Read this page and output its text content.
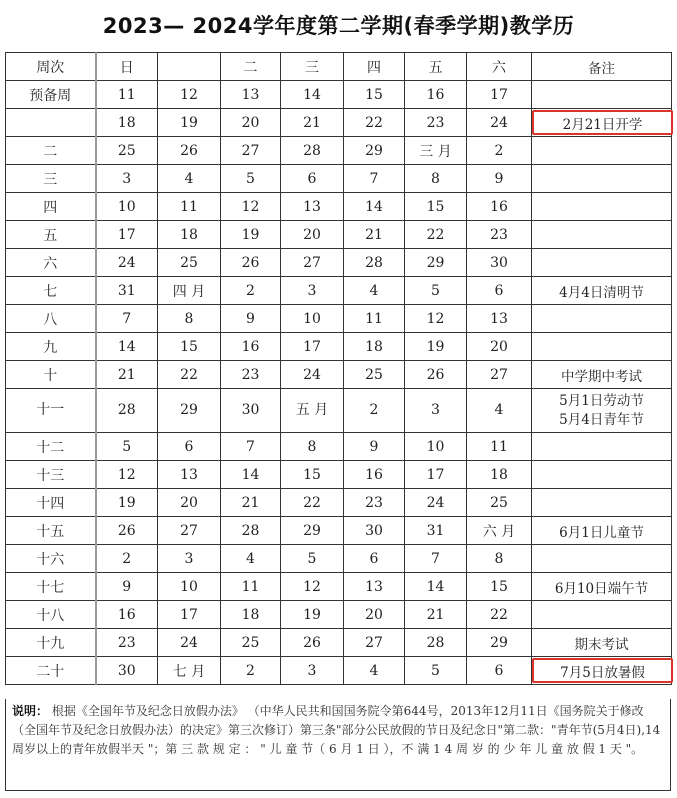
2023— 2024学年度第二学期(春季学期)教学历
周次	日		二	三	四	五	六	备注
预备周	11	12	13	14	15	16	17	
	18	19	20	21	22	23	24	2月21日开学

二	25	26	27	28	29	三 月	2	
三	3	4	5	6	7	8	9	
四	10	11	12	13	14	15	16	
五	17	18	19	20	21	22	23	
六	24	25	26	27	28	29	30	
七	31	四 月	2	3	4	5	6	4月4日清明节
八	7	8	9	10	11	12	13	
九	14	15	16	17	18	19	20	
十	21	22	23	24	25	26	27	中学期中考试
十一	28	29	30	五 月	2	3	4	5月1日劳动节
5月4日青年节

十二	5	6	7	8	9	10	11	
十三	12	13	14	15	16	17	18	
十四	19	20	21	22	23	24	25	
十五	26	27	28	29	30	31	六 月	6月1日儿童节
十六	2	3	4	5	6	7	8	
十七	9	10	11	12	13	14	15	6月10日端午节
十八	16	17	18	19	20	21	22	
十九	23	24	25	26	27	28	29	期末考试
二十	30	七 月	2	3	4	5	6	7月5日放暑假
说明： 根据《全国年节及纪念日放假办法》 （中华人民共和国国务院令第644号，2013年12月11日《国务院关于修改（全国年节及纪念日放假办法）的决定》第三次修订）第三条"部分公民放假的节日及纪念日"第二款："青年节(5月4日),14周岁以上的青年放假半天 "；第 三 款 规 定 ： " 儿 童 节（ 6 月 1 日 ），不 满 1 4 周 岁 的 少 年 儿 童 放 假 1 天 "。
